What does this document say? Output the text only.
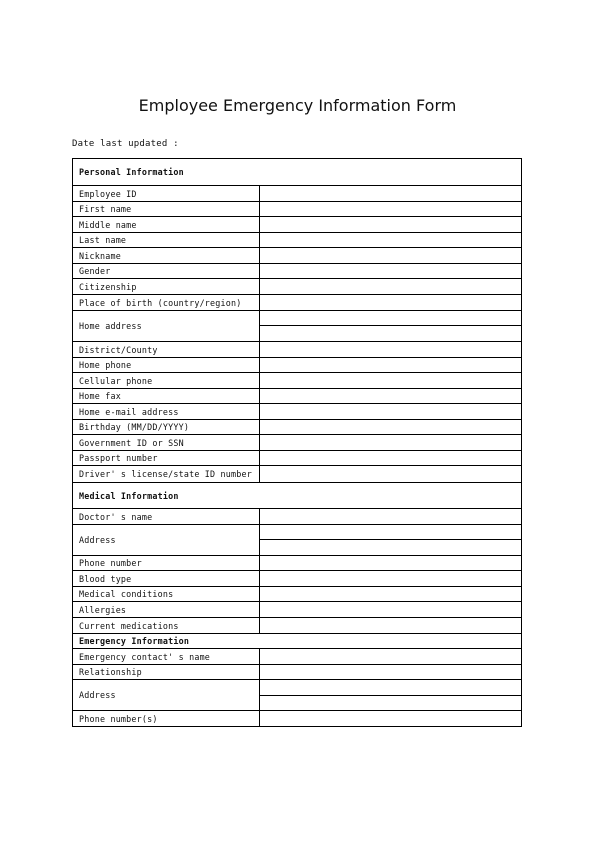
Employee Emergency Information Form
Date last updated :
Personal Information	
Employee ID	
First name	
Middle name	
Last name	
Nickname	
Gender	
Citizenship	
Place of birth (country/region)	
Home address	

District/County	
Home phone	
Cellular phone	
Home fax	
Home e-mail address	
Birthday (MM/DD/YYYY)	
Government ID or SSN	
Passport number	
Driver' s license/state ID number	
Medical Information	
Doctor' s name	
Address	

Phone number	
Blood type	
Medical conditions	
Allergies	
Current medications	
Emergency Information	
Emergency contact' s name	
Relationship	
Address	

Phone number(s)	
